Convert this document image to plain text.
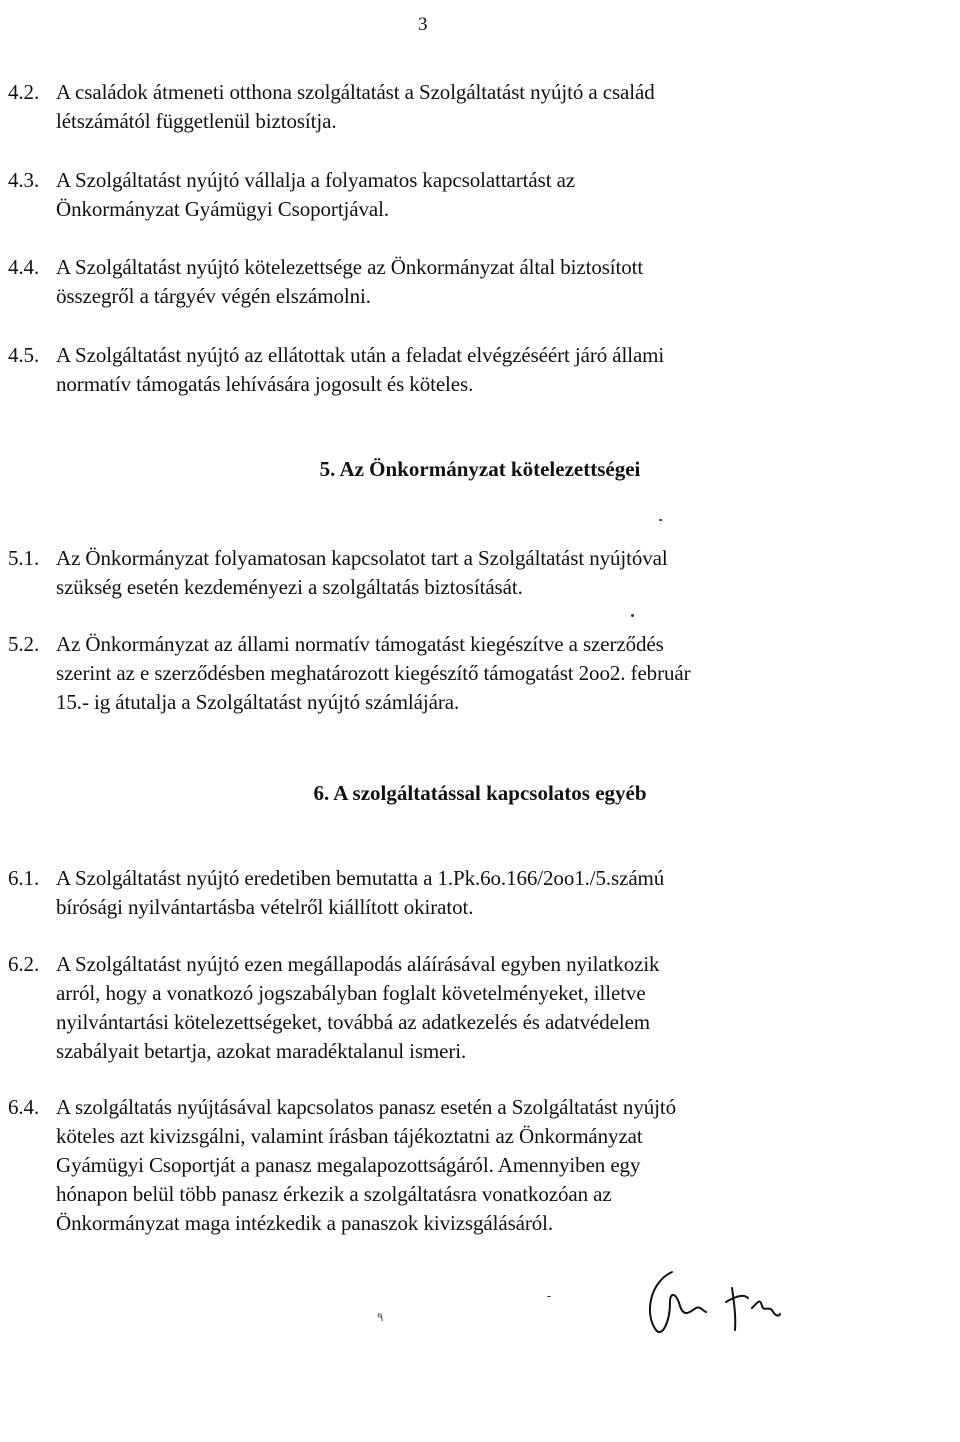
3
4.2. A családok átmeneti otthona szolgáltatást a Szolgáltatást nyújtó a család
létszámától függetlenül biztosítja.
4.3. A Szolgáltatást nyújtó vállalja a folyamatos kapcsolattartást az
Önkormányzat Gyámügyi Csoportjával.
4.4. A Szolgáltatást nyújtó kötelezettsége az Önkormányzat által biztosított
összegről a tárgyév végén elszámolni.
4.5. A Szolgáltatást nyújtó az ellátottak után a feladat elvégzéséért járó állami
normatív támogatás lehívására jogosult és köteles.
5. Az Önkormányzat kötelezettségei
5.1. Az Önkormányzat folyamatosan kapcsolatot tart a Szolgáltatást nyújtóval
szükség esetén kezdeményezi a szolgáltatás biztosítását.
5.2. Az Önkormányzat az állami normatív támogatást kiegészítve a szerződés
szerint az e szerződésben meghatározott kiegészítő támogatást 2oo2. február
15.- ig átutalja a Szolgáltatást nyújtó számlájára.
6. A szolgáltatással kapcsolatos egyéb
6.1. A Szolgáltatást nyújtó eredetiben bemutatta a 1.Pk.6o.166/2oo1./5.számú
bírósági nyilvántartásba vételről kiállított okiratot.
6.2. A Szolgáltatást nyújtó ezen megállapodás aláírásával egyben nyilatkozik
arról, hogy a vonatkozó jogszabályban foglalt követelményeket, illetve
nyilvántartási kötelezettségeket, továbbá az adatkezelés és adatvédelem
szabályait betartja, azokat maradéktalanul ismeri.
6.4. A szolgáltatás nyújtásával kapcsolatos panasz esetén a Szolgáltatást nyújtó
köteles azt kivizsgálni, valamint írásban tájékoztatni az Önkormányzat
Gyámügyi Csoportját a panasz megalapozottságáról. Amennyiben egy
hónapon belül több panasz érkezik a szolgáltatásra vonatkozóan az
Önkormányzat maga intézkedik a panaszok kivizsgálásáról.
٩
